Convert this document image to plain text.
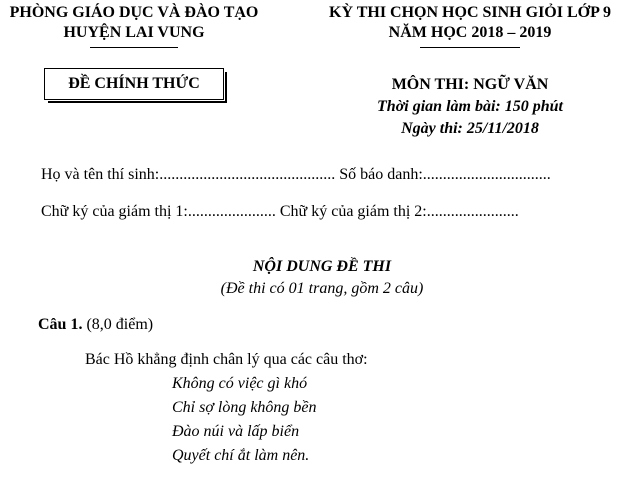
PHÒNG GIÁO DỤC VÀ ĐÀO TẠO
HUYỆN LAI VUNG
ĐỀ CHÍNH THỨC
KỲ THI CHỌN HỌC SINH GIỎI LỚP 9
NĂM HỌC 2018 – 2019
MÔN THI: NGỮ VĂN
Thời gian làm bài: 150 phút
Ngày thi: 25/11/2018
Họ và tên thí sinh:............................................ Số báo danh:................................
Chữ ký của giám thị 1:...................... Chữ ký của giám thị 2:.......................
NỘI DUNG ĐỀ THI
(Đề thi có 01 trang, gồm 2 câu)
Câu 1. (8,0 điểm)
Bác Hồ khẳng định chân lý qua các câu thơ:
Không có việc gì khó
Chỉ sợ lòng không bền
Đào núi và lấp biển
Quyết chí ắt làm nên.
